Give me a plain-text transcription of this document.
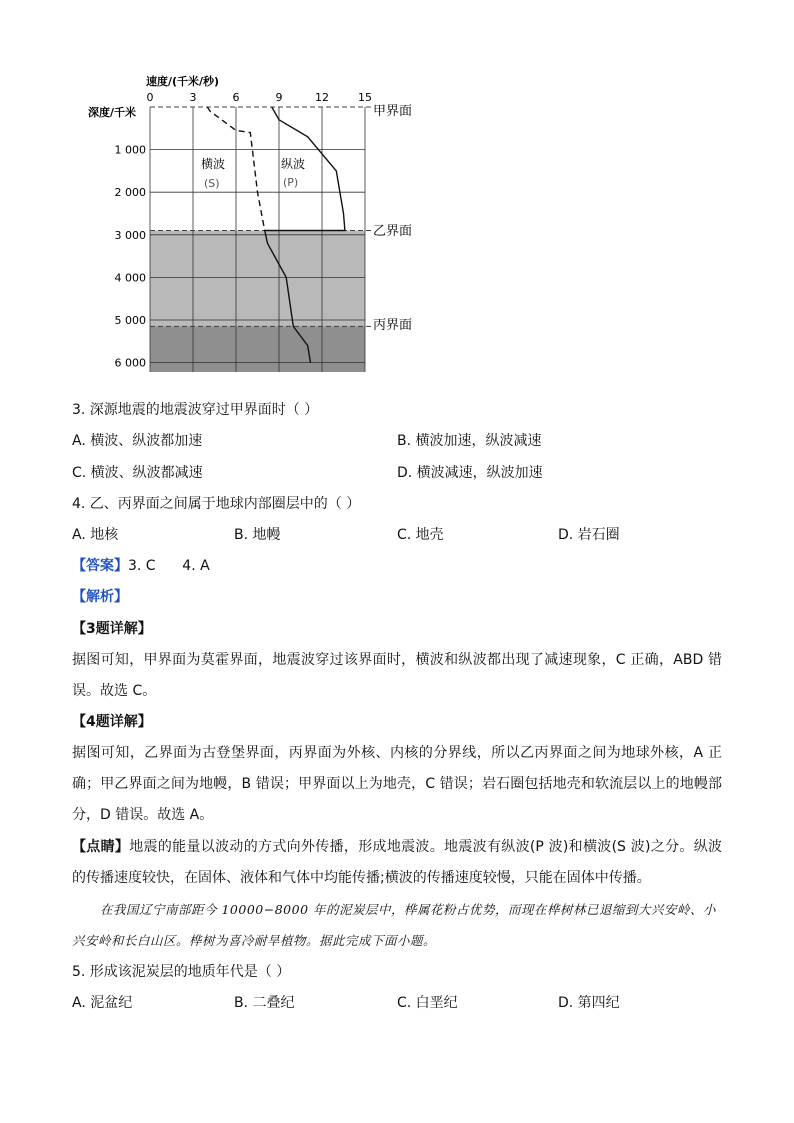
0	3	6	9	12	15
1 000
2 000
3 000
4 000
5 000
6 000
速度/(千米/秒)
深度/千米
横波
(S)
纵波
(P)
甲界面
乙界面
丙界面
3. 深源地震的地震波穿过甲界面时（ ）
A. 横波、纵波都加速	B. 横波加速，纵波减速
C. 横波、纵波都减速	D. 横波减速，纵波加速
4. 乙、丙界面之间属于地球内部圈层中的（ ）
A. 地核	B. 地幔	C. 地壳	D. 岩石圈
【答案】3. C      4. A
【解析】
【3题详解】
据图可知，甲界面为莫霍界面，地震波穿过该界面时，横波和纵波都出现了减速现象，C 正确，ABD 错误。故选 C。
【4题详解】
据图可知，乙界面为古登堡界面，丙界面为外核、内核的分界线，所以乙丙界面之间为地球外核，A 正确；甲乙界面之间为地幔，B 错误；甲界面以上为地壳，C 错误；岩石圈包括地壳和软流层以上的地幔部分，D 错误。故选 A。
【点睛】地震的能量以波动的方式向外传播，形成地震波。地震波有纵波(P 波)和横波(S 波)之分。纵波的传播速度较快，在固体、液体和气体中均能传播;横波的传播速度较慢，只能在固体中传播。
在我国辽宁南部距今 10000−8000 年的泥炭层中，桦属花粉占优势，而现在桦树林已退缩到大兴安岭、小兴安岭和长白山区。桦树为喜冷耐旱植物。据此完成下面小题。
5. 形成该泥炭层的地质年代是（ ）
A. 泥盆纪	B. 二叠纪	C. 白垩纪	D. 第四纪
